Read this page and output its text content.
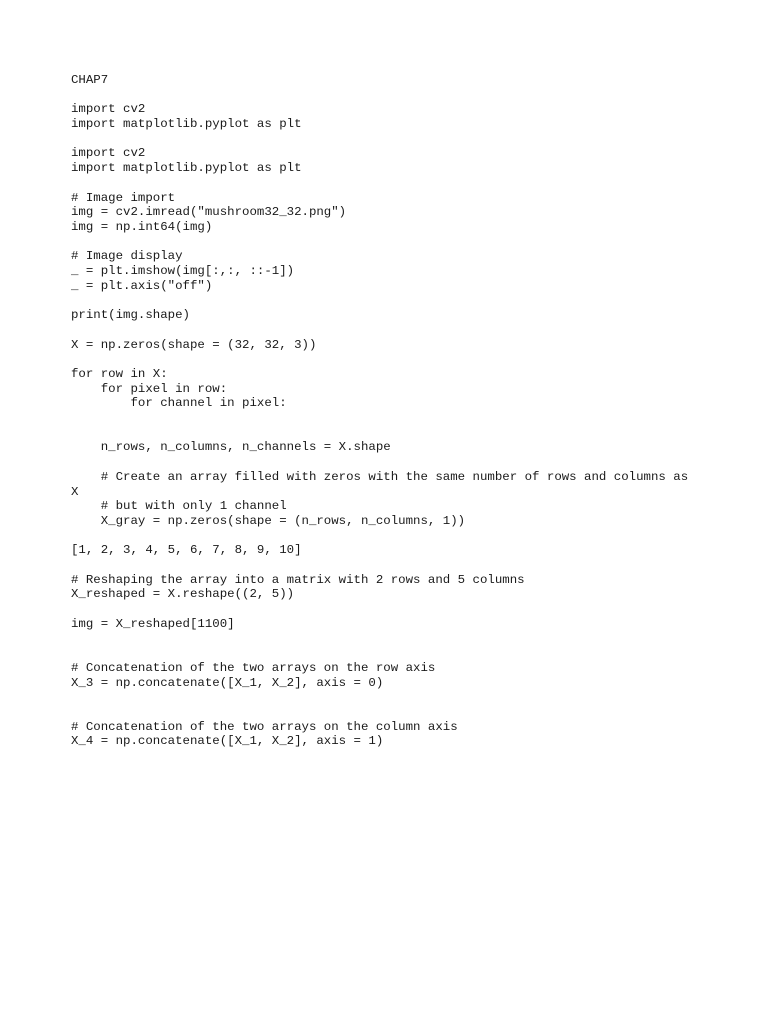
CHAP7
import cv2
import matplotlib.pyplot as plt
import cv2
import matplotlib.pyplot as plt
# Image import
img = cv2.imread("mushroom32_32.png")
img = np.int64(img)
# Image display
_ = plt.imshow(img[:,:, ::-1])
_ = plt.axis("off")
print(img.shape)
X = np.zeros(shape = (32, 32, 3))
for row in X:
for pixel in row:
for channel in pixel:
n_rows, n_columns, n_channels = X.shape
# Create an array filled with zeros with the same number of rows and columns as
X
# but with only 1 channel
X_gray = np.zeros(shape = (n_rows, n_columns, 1))
[1, 2, 3, 4, 5, 6, 7, 8, 9, 10]
# Reshaping the array into a matrix with 2 rows and 5 columns
X_reshaped = X.reshape((2, 5))
img = X_reshaped[1100]
# Concatenation of the two arrays on the row axis
X_3 = np.concatenate([X_1, X_2], axis = 0)
# Concatenation of the two arrays on the column axis
X_4 = np.concatenate([X_1, X_2], axis = 1)
